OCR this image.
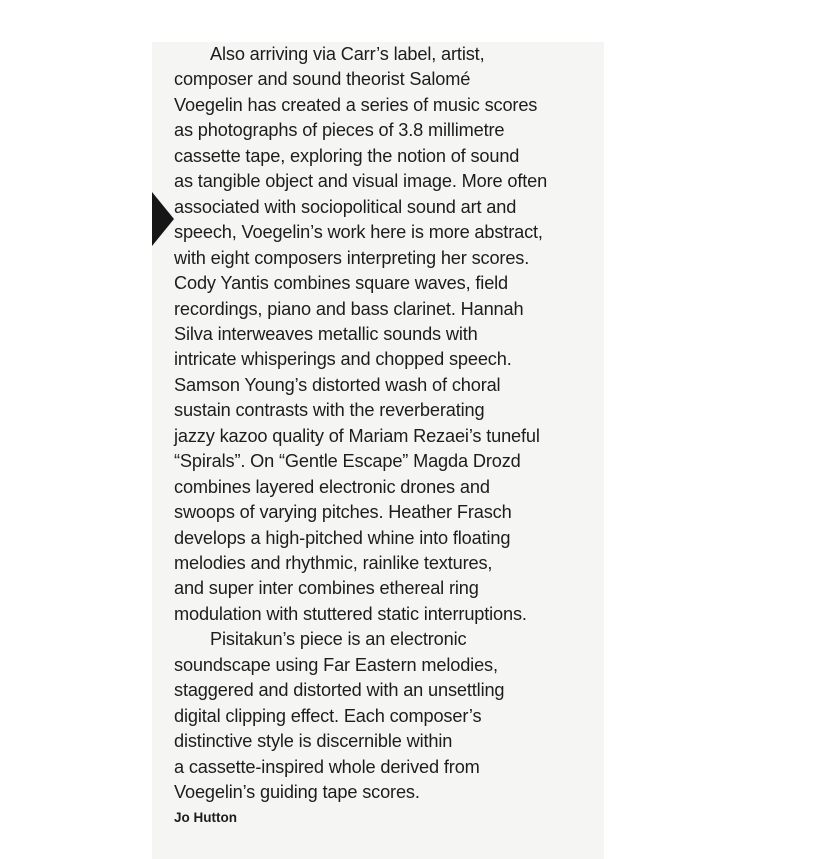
Also arriving via Carr’s label, artist,
composer and sound theorist Salomé
Voegelin has created a series of music scores
as photographs of pieces of 3.8 millimetre
cassette tape, exploring the notion of sound
as tangible object and visual image. More often
associated with sociopolitical sound art and
speech, Voegelin’s work here is more abstract,
with eight composers interpreting her scores.
Cody Yantis combines square waves, field
recordings, piano and bass clarinet. Hannah
Silva interweaves metallic sounds with
intricate whisperings and chopped speech.
Samson Young’s distorted wash of choral
sustain contrasts with the reverberating
jazzy kazoo quality of Mariam Rezaei’s tuneful
“Spirals”. On “Gentle Escape” Magda Drozd
combines layered electronic drones and
swoops of varying pitches. Heather Frasch
develops a high-pitched whine into floating
melodies and rhythmic, rainlike textures,
and super inter combines ethereal ring
modulation with stuttered static interruptions.
Pisitakun’s piece is an electronic
soundscape using Far Eastern melodies,
staggered and distorted with an unsettling
digital clipping effect. Each composer’s
distinctive style is discernible within
a cassette-inspired whole derived from
Voegelin’s guiding tape scores.
Jo Hutton
